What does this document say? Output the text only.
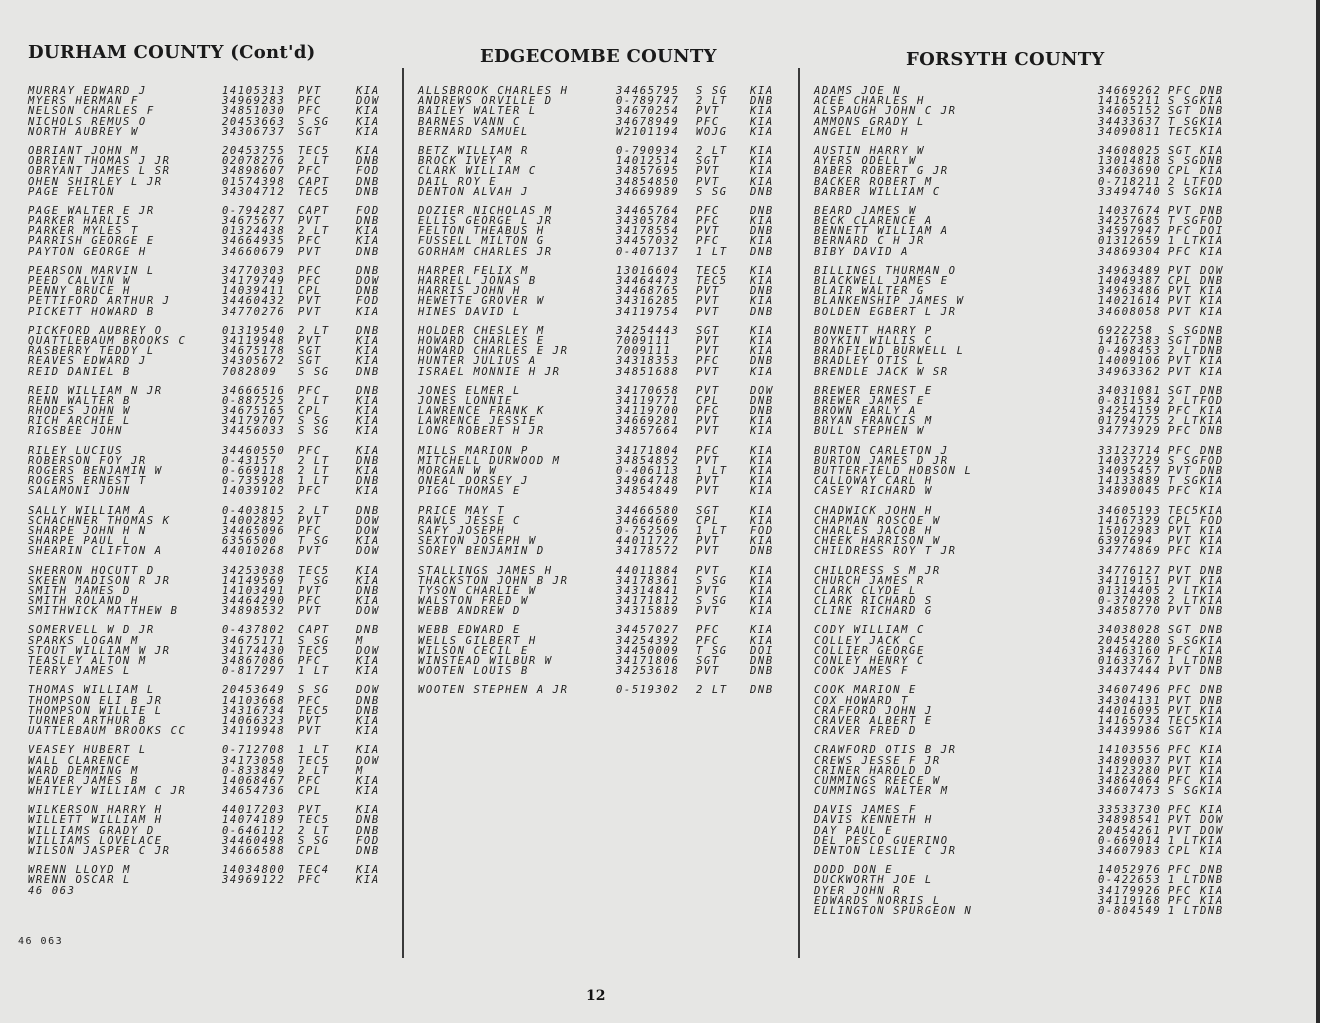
DURHAM COUNTY (Cont'd)	EDGECOMBE COUNTY	FORSYTH COUNTY
MURRAY EDWARD J	14105313 PVT	KIA
MYERS HERMAN F	34969283 PFC	DOW
NELSON CHARLES F	34851030 PFC	KIA
NICHOLS REMUS O	20453663 S SG	KIA
NORTH AUBREY W	34306737 SGT	KIA
OBRIANT JOHN M	20453755 TEC5	KIA
OBRIEN THOMAS J JR	02078276 2 LT	DNB
OBRYANT JAMES L SR	34898607 PFC	FOD
OHEN SHIRLEY L JR	01574398 CAPT	DNB
PAGE FELTON	34304712 TEC5	DNB
PAGE WALTER E JR	0-794287 CAPT	FOD
PARKER HARLIS	34675677 PVT	DNB
PARKER MYLES T	01324438 2 LT	KIA
PARRISH GEORGE E	34664935 PFC	KIA
PAYTON GEORGE H	34660679 PVT	DNB
PEARSON MARVIN L	34770303 PFC	DNB
PEED CALVIN W	34179749 PFC	DOW
PENNY BRUCE H	14039411 CPL	DNB
PETTIFORD ARTHUR J	34460432 PVT	FOD
PICKETT HOWARD B	34770276 PVT	KIA
PICKFORD AUBREY O	01319540 2 LT	DNB
QUATTLEBAUM BROOKS C	34119948 PVT	KIA
RASBERRY TEDDY L	34675178 SGT	KIA
REAVES EDWARD J	34305672 SGT	KIA
REID DANIEL B	7082809 S SG	DNB
REID WILLIAM N JR	34666516 PFC	DNB
RENN WALTER B	0-887525 2 LT	KIA
RHODES JOHN W	34675165 CPL	KIA
RICH ARCHIE L	34179707 S SG	KIA
RIGSBEE JOHN	34456033 S SG	KIA
RILEY LUCIUS	34460550 PFC	KIA
ROBERSON FOY JR	0-43157 2 LT	DNB
ROGERS BENJAMIN W	0-669118 2 LT	KIA
ROGERS ERNEST T	0-735928 1 LT	DNB
SALAMONI JOHN	14039102 PFC	KIA
SALLY WILLIAM A	0-403815 2 LT	DNB
SCHACHNER THOMAS K	14002892 PVT	DOW
SHARPE JOHN H N	34465096 PFC	DOW
SHARPE PAUL L	6356500 T SG	KIA
SHEARIN CLIFTON A	44010268 PVT	DOW
SHERRON HOCUTT D	34253038 TEC5	KIA
SKEEN MADISON R JR	14149569 T SG	KIA
SMITH JAMES D	14103491 PVT	DNB
SMITH ROLAND H	34464290 PFC	KIA
SMITHWICK MATTHEW B	34898532 PVT	DOW
SOMERVELL W D JR	0-437802 CAPT	DNB
SPARKS LOGAN M	34675171 S SG	M
STOUT WILLIAM W JR	34174430 TEC5	DOW
TEASLEY ALTON M	34867086 PFC	KIA
TERRY JAMES L	0-817297 1 LT	KIA
THOMAS WILLIAM L	20453649 S SG	DOW
THOMPSON ELI B JR	14103668 PFC	DNB
THOMPSON WILLIE L	34316734 TEC5	DNB
TURNER ARTHUR B	14066323 PVT	KIA
UATTLEBAUM BROOKS CC	34119948 PVT	KIA
VEASEY HUBERT L	0-712708 1 LT	KIA
WALL CLARENCE	34173058 TEC5	DOW
WARD DEMMING M	0-833849 2 LT	M
WEAVER JAMES B	14068467 PFC	KIA
WHITLEY WILLIAM C JR	34654736 CPL	KIA
WILKERSON HARRY H	44017203 PVT	KIA
WILLETT WILLIAM H	14074189 TEC5	DNB
WILLIAMS GRADY D	0-646112 2 LT	DNB
WILLIAMS LOVELACE	34460498 S SG	FOD
WILSON JASPER C JR	34666588 CPL	DNB
WRENN LLOYD M	14034800 TEC4	KIA
WRENN OSCAR L	34969122 PFC	KIA
46 063
ALLSBROOK CHARLES H	34465795 S SG KIA
ANDREWS ORVILLE D	0-789747 2 LT DNB
BAILEY WALTER L	34670254 PVT	KIA
BARNES VANN C	34678949 PFC	KIA
BERNARD SAMUEL	W2101194 WOJG KIA
BETZ WILLIAM R	0-790934 2 LT KIA
BROCK IVEY R	14012514 SGT	KIA
CLARK WILLIAM C	34857695 PVT	KIA
DAIL ROY E	34854850 PVT	KIA
DENTON ALVAH J	34669989 S SG DNB
DOZIER NICHOLAS M	34465764 PFC	DNB
ELLIS GEORGE L JR	34305784 PFC	KIA
FELTON THEABUS H	34178554 PVT	DNB
FUSSELL MILTON G	34457032 PFC	KIA
GORHAM CHARLES JR	0-407137 1 LT DNB
HARPER FELIX M	13016604 TEC5 KIA
HARRELL JONAS B	34464473 TEC5 KIA
HARRIS JOHN H	34468765 PVT	DNB
HEWETTE GROVER W	34316285 PVT	KIA
HINES DAVID L	34119754 PVT	DNB
HOLDER CHESLEY M	34254443 SGT	KIA
HOWARD CHARLES E	7009111 PVT	KIA
HOWARD CHARLES E JR	7009111 PVT	KIA
HUNTER JULIUS A	34318353 PFC	DNB
ISRAEL MONNIE H JR	34851688 PVT	KIA
JONES ELMER L	34170658 PVT	DOW
JONES LONNIE	34119771 CPL	DNB
LAWRENCE FRANK K	34119700 PFC	DNB
LAWRENCE JESSIE	34669281 PVT	KIA
LONG ROBERT H JR	34857664 PVT	KIA
MILLS MARION P	34171804 PFC	KIA
MITCHELL DURWOOD M	34854852 PVT	KIA
MORGAN W W	0-406113 1 LT KIA
ONEAL DORSEY J	34964748 PVT	KIA
PIGG THOMAS E	34854849 PVT	KIA
PRICE MAY T	34466580 SGT	KIA
RAWLS JESSE C	34664669 CPL	KIA
SAFY JOSEPH	0-752506 1 LT FOD
SEXTON JOSEPH W	44011727 PVT	KIA
SOREY BENJAMIN D	34178572 PVT	DNB
STALLINGS JAMES H	44011884 PVT	KIA
THACKSTON JOHN B JR	34178361 S SG KIA
TYSON CHARLIE W	34314841 PVT	KIA
WALSTON FRED W	34171812 S SG KIA
WEBB ANDREW D	34315889 PVT	KIA
WEBB EDWARD E	34457027 PFC	KIA
WELLS GILBERT H	34254392 PFC	KIA
WILSON CECIL E	34450009 T SG DOI
WINSTEAD WILBUR W	34171806 SGT	DNB
WOOTEN LOUIS B	34253618 PVT	DNB
WOOTEN STEPHEN A JR	0-519302 2 LT DNB
ADAMS JOE N	34669262 PFC DNB
ACEE CHARLES H	14165211 S SG KIA
ALSPAUGH JOHN C JR	34605152 SGT DNB
AMMONS GRADY L	34433637 T SG KIA
ANGEL ELMO H	34090811 TEC5 KIA
AUSTIN HARRY W	34608025 SGT KIA
AYERS ODELL W	13014818 S SG DNB
BABER ROBERT G JR	34603690 CPL KIA
BACKER ROBERT M	0-718211 2 LT FOD
BARBER WILLIAM C	33494740 S SG KIA
BEARD JAMES W	14037674 PVT DNB
BECK CLARENCE A	34257685 T SG FOD
BENNETT WILLIAM A	34597947 PFC DOI
BERNARD C H JR	01312659 1 LT KIA
BIBY DAVID A	34869304 PFC KIA
BILLINGS THURMAN O	34963489 PVT DOW
BLACKWELL JAMES E	14049387 CPL DNB
BLAIR WALTER G	34963486 PVT KIA
BLANKENSHIP JAMES W	14021614 PVT KIA
BOLDEN EGBERT L JR	34608058 PVT KIA
BONNETT HARRY P	6922258 S SG DNB
BOYKIN WILLIS C	14167383 SGT DNB
BRADFIELD BURWELL L	0-498453 2 LT DNB
BRADLEY OTIS L	14009106 PVT KIA
BRENDLE JACK W SR	34963362 PVT KIA
BREWER ERNEST E	34031081 SGT DNB
BREWER JAMES E	0-811534 2 LT FOD
BROWN EARLY A	34254159 PFC KIA
BRYAN FRANCIS M	01794775 2 LT KIA
BULL STEPHEN W	34773929 PFC DNB
BURTON CARLETON J	33123714 PFC DNB
BURTON JAMES D JR	14037229 S SG FOD
BUTTERFIELD HOBSON L	34095457 PVT DNB
CALLOWAY CARL H	14133889 T SG KIA
CASEY RICHARD W	34890045 PFC KIA
CHADWICK JOHN H	34605193 TEC5 KIA
CHAPMAN ROSCOE W	14167329 CPL FOD
CHARLES JACOB H	15012983 PVT KIA
CHEEK HARRISON W	6397694 PVT KIA
CHILDRESS ROY T JR	34774869 PFC KIA
CHILDRESS S M JR	34776127 PVT DNB
CHURCH JAMES R	34119151 PVT KIA
CLARK CLYDE L	01314405 2 LT KIA
CLARK RICHARD S	0-370298 2 LT KIA
CLINE RICHARD G	34858770 PVT DNB
CODY WILLIAM C	34038028 SGT DNB
COLLEY JACK C	20454280 S SG KIA
COLLIER GEORGE	34463160 PFC KIA
CONLEY HENRY C	01633767 1 LT DNB
COOK JAMES F	34437444 PVT DNB
COOK MARION E	34607496 PFC DNB
COX HOWARD T	34304131 PVT DNB
CRAFFORD JOHN J	44016095 PVT KIA
CRAVER ALBERT E	14165734 TEC5 KIA
CRAVER FRED D	34439986 SGT KIA
CRAWFORD OTIS B JR	14103556 PFC KIA
CREWS JESSE F JR	34890037 PVT KIA
CRINER HAROLD D	14123280 PVT KIA
CUMMINGS REECE W	34864064 PFC KIA
CUMMINGS WALTER M	34607473 S SG KIA
DAVIS JAMES F	33533730 PFC KIA
DAVIS KENNETH H	34898541 PVT DOW
DAY PAUL E	20454261 PVT DOW
DEL PESCO GUERINO	0-669014 1 LT KIA
DENTON LESLIE C JR	34607983 CPL KIA
DODD DON E	14052976 PFC DNB
DUCKWORTH JOE L	0-422653 1 LT DNB
DYER JOHN R	34179926 PFC KIA
EDWARDS NORRIS L	34119168 PFC KIA
ELLINGTON SPURGEON N	0-804549 1 LT DNB
46 063
12
